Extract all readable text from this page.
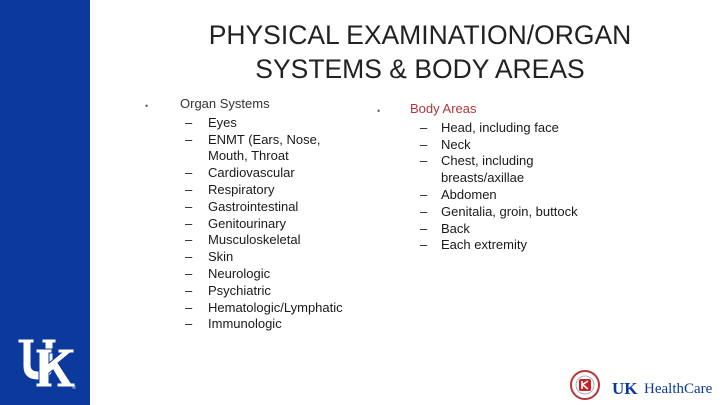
®
PHYSICAL EXAMINATION/ORGAN
SYSTEMS & BODY AREAS
•	Organ Systems
–	Eyes
–	ENMT (Ears, Nose, Mouth, Throat
–	Cardiovascular
–	Respiratory
–	Gastrointestinal
–	Genitourinary
–	Musculoskeletal
–	Skin
–	Neurologic
–	Psychiatric
–	Hematologic/Lymphatic
–	Immunologic
•	Body Areas
–	Head, including face
–	Neck
–	Chest, including breasts/axillae
–	Abdomen
–	Genitalia, groin, buttock
–	Back
–	Each extremity
UK HealthCare
